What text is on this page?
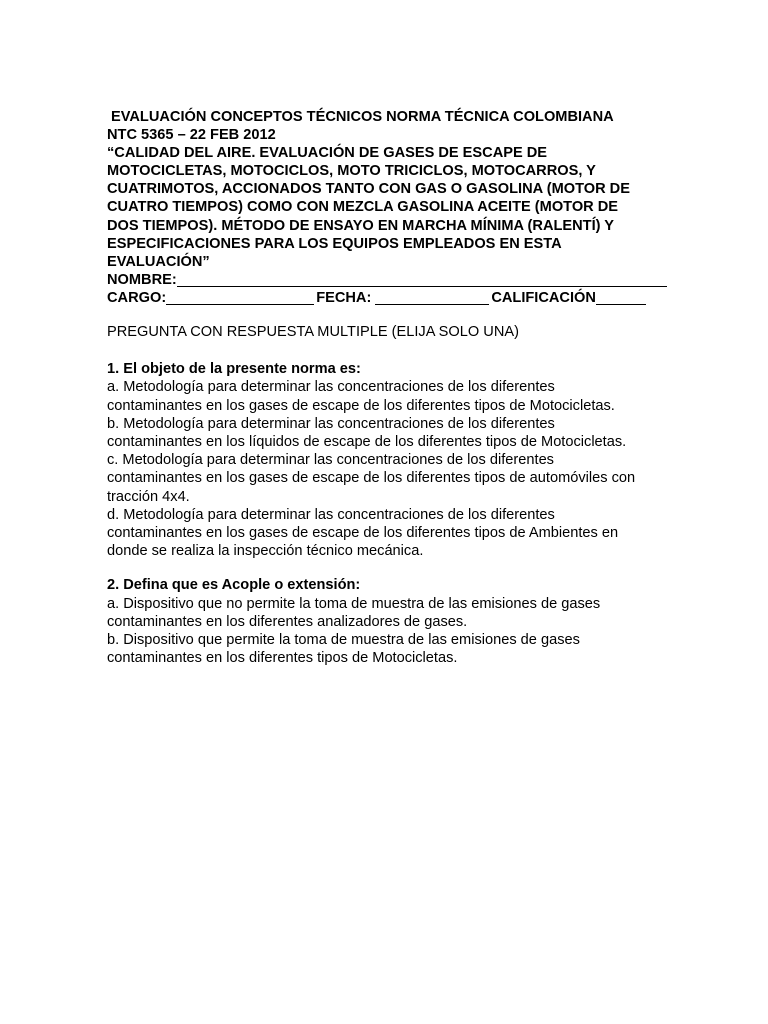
EVALUACIÓN CONCEPTOS TÉCNICOS NORMA TÉCNICA COLOMBIANA
NTC 5365 – 22 FEB 2012
“CALIDAD DEL AIRE. EVALUACIÓN DE GASES DE ESCAPE DE
MOTOCICLETAS, MOTOCICLOS, MOTO TRICICLOS, MOTOCARROS, Y
CUATRIMOTOS, ACCIONADOS TANTO CON GAS O GASOLINA (MOTOR DE
CUATRO TIEMPOS) COMO CON MEZCLA GASOLINA ACEITE (MOTOR DE
DOS TIEMPOS). MÉTODO DE ENSAYO EN MARCHA MÍNIMA (RALENTÍ) Y
ESPECIFICACIONES PARA LOS EQUIPOS EMPLEADOS EN ESTA
EVALUACIÓN”
NOMBRE:
CARGO:	FECHA:	CALIFICACIÓN
PREGUNTA CON RESPUESTA MULTIPLE (ELIJA SOLO UNA)
1. El objeto de la presente norma es:
a. Metodología para determinar las concentraciones de los diferentes
contaminantes en los gases de escape de los diferentes tipos de Motocicletas.
b. Metodología para determinar las concentraciones de los diferentes
contaminantes en los líquidos de escape de los diferentes tipos de Motocicletas.
c. Metodología para determinar las concentraciones de los diferentes
contaminantes en los gases de escape de los diferentes tipos de automóviles con
tracción 4x4.
d. Metodología para determinar las concentraciones de los diferentes
contaminantes en los gases de escape de los diferentes tipos de Ambientes en
donde se realiza la inspección técnico mecánica.
2. Defina que es Acople o extensión:
a. Dispositivo que no permite la toma de muestra de las emisiones de gases
contaminantes en los diferentes analizadores de gases.
b. Dispositivo que permite la toma de muestra de las emisiones de gases
contaminantes en los diferentes tipos de Motocicletas.
